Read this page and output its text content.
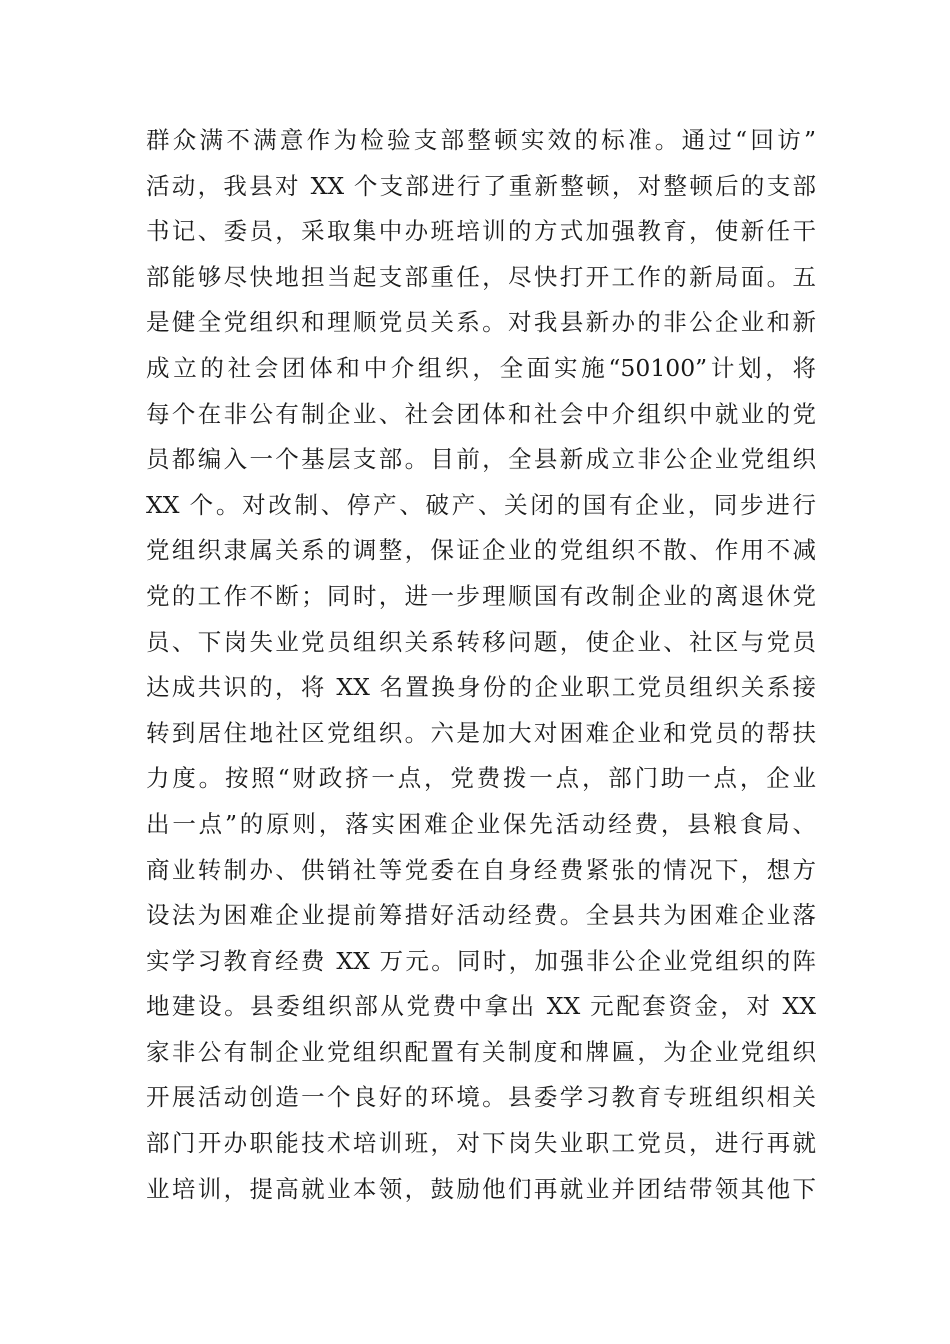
群众满不满意作为检验支部整顿实效的标准。通过“回访”
活动，我县对 XX 个支部进行了重新整顿，对整顿后的支部
书记、委员，采取集中办班培训的方式加强教育，使新任干
部能够尽快地担当起支部重任，尽快打开工作的新局面。五
是健全党组织和理顺党员关系。对我县新办的非公企业和新
成立的社会团体和中介组织，全面实施“50100”计划，将
每个在非公有制企业、社会团体和社会中介组织中就业的党
员都编入一个基层支部。目前，全县新成立非公企业党组织
XX 个。对改制、停产、破产、关闭的国有企业，同步进行
党组织隶属关系的调整，保证企业的党组织不散、作用不减
党的工作不断；同时，进一步理顺国有改制企业的离退休党
员、下岗失业党员组织关系转移问题，使企业、社区与党员
达成共识的，将 XX 名置换身份的企业职工党员组织关系接
转到居住地社区党组织。六是加大对困难企业和党员的帮扶
力度。按照“财政挤一点，党费拨一点，部门助一点，企业
出一点”的原则，落实困难企业保先活动经费，县粮食局、
商业转制办、供销社等党委在自身经费紧张的情况下，想方
设法为困难企业提前筹措好活动经费。全县共为困难企业落
实学习教育经费 XX 万元。同时，加强非公企业党组织的阵
地建设。县委组织部从党费中拿出 XX 元配套资金，对 XX
家非公有制企业党组织配置有关制度和牌匾，为企业党组织
开展活动创造一个良好的环境。县委学习教育专班组织相关
部门开办职能技术培训班，对下岗失业职工党员，进行再就
业培训，提高就业本领，鼓励他们再就业并团结带领其他下
